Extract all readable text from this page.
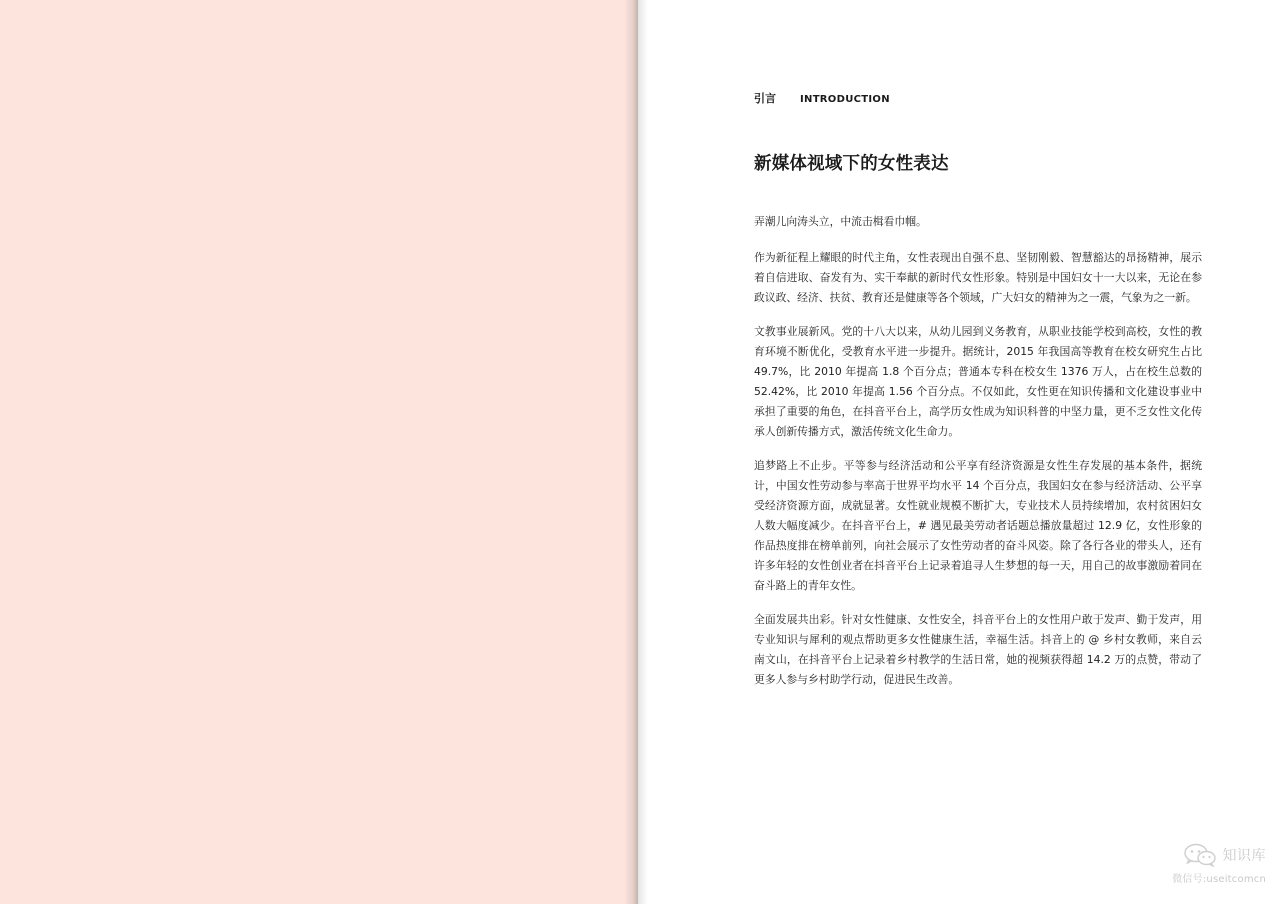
引言	INTRODUCTION
新媒体视域下的女性表达

弄潮儿向涛头立，中流击楫看巾帼。

作为新征程上耀眼的时代主角，女性表现出自强不息、坚韧刚毅、智慧豁达的昂扬精神，展示着自信进取、奋发有为、实干奉献的新时代女性形象。特别是中国妇女十一大以来，无论在参政议政、经济、扶贫、教育还是健康等各个领域，广大妇女的精神为之一震，气象为之一新。

文教事业展新风。党的十八大以来，从幼儿园到义务教育，从职业技能学校到高校，女性的教育环境不断优化，受教育水平进一步提升。据统计，2015 年我国高等教育在校女研究生占比 49.7%，比 2010 年提高 1.8 个百分点；普通本专科在校女生 1376 万人，占在校生总数的 52.42%，比 2010 年提高 1.56 个百分点。不仅如此，女性更在知识传播和文化建设事业中承担了重要的角色，在抖音平台上，高学历女性成为知识科普的中坚力量，更不乏女性文化传承人创新传播方式，激活传统文化生命力。

追梦路上不止步。平等参与经济活动和公平享有经济资源是女性生存发展的基本条件，据统计，中国女性劳动参与率高于世界平均水平 14 个百分点，我国妇女在参与经济活动、公平享受经济资源方面，成就显著。女性就业规模不断扩大，专业技术人员持续增加，农村贫困妇女人数大幅度减少。在抖音平台上，# 遇见最美劳动者话题总播放量超过 12.9 亿，女性形象的作品热度排在榜单前列，向社会展示了女性劳动者的奋斗风姿。除了各行各业的带头人，还有许多年轻的女性创业者在抖音平台上记录着追寻人生梦想的每一天，用自己的故事激励着同在奋斗路上的青年女性。

全面发展共出彩。针对女性健康、女性安全，抖音平台上的女性用户敢于发声、勤于发声，用专业知识与犀利的观点帮助更多女性健康生活，幸福生活。抖音上的 @ 乡村女教师，来自云南文山，在抖音平台上记录着乡村教学的生活日常，她的视频获得超 14.2 万的点赞，带动了更多人参与乡村助学行动，促进民生改善。

知识库
微信号:useitcomcn
